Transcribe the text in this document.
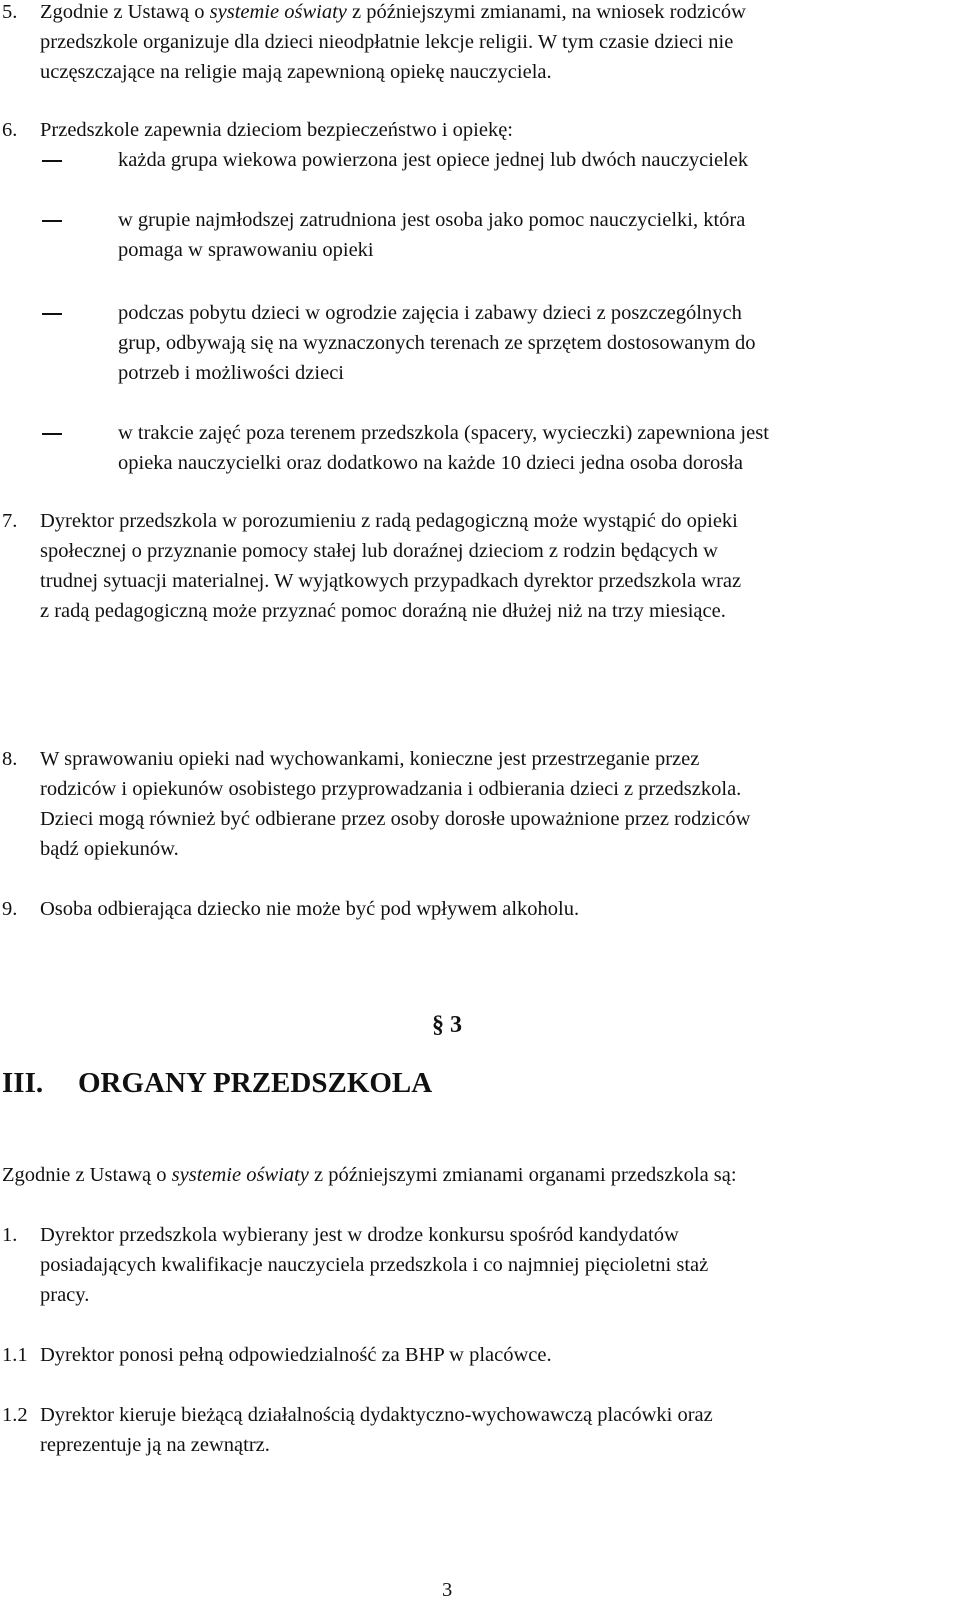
5. Zgodnie z Ustawą o systemie oświaty z późniejszymi zmianami, na wniosek rodziców
przedszkole organizuje dla dzieci nieodpłatnie lekcje religii. W tym czasie dzieci nie
uczęszczające na religie mają zapewnioną opiekę nauczyciela.
6. Przedszkole zapewnia dzieciom bezpieczeństwo i opiekę:
każda grupa wiekowa powierzona jest opiece jednej lub dwóch nauczycielek
w grupie najmłodszej zatrudniona jest osoba jako pomoc nauczycielki, która
pomaga w sprawowaniu opieki
podczas pobytu dzieci w ogrodzie zajęcia i zabawy dzieci z poszczególnych
grup, odbywają się na wyznaczonych terenach ze sprzętem dostosowanym do
potrzeb i możliwości dzieci
w trakcie zajęć poza terenem przedszkola (spacery, wycieczki) zapewniona jest
opieka nauczycielki oraz dodatkowo na każde 10 dzieci jedna osoba dorosła
7. Dyrektor przedszkola w porozumieniu z radą pedagogiczną może wystąpić do opieki
społecznej o przyznanie pomocy stałej lub doraźnej dzieciom z rodzin będących w
trudnej sytuacji materialnej. W wyjątkowych przypadkach dyrektor przedszkola wraz
z radą pedagogiczną może przyznać pomoc doraźną nie dłużej niż na trzy miesiące.
8. W sprawowaniu opieki nad wychowankami, konieczne jest przestrzeganie przez
rodziców i opiekunów osobistego przyprowadzania i odbierania dzieci z przedszkola.
Dzieci mogą również być odbierane przez osoby dorosłe upoważnione przez rodziców
bądź opiekunów.
9. Osoba odbierająca dziecko nie może być pod wpływem alkoholu.
§ 3
III. ORGANY PRZEDSZKOLA
Zgodnie z Ustawą o systemie oświaty z późniejszymi zmianami organami przedszkola są:
1. Dyrektor przedszkola wybierany jest w drodze konkursu spośród kandydatów
posiadających kwalifikacje nauczyciela przedszkola i co najmniej pięcioletni staż
pracy.
1.1 Dyrektor ponosi pełną odpowiedzialność za BHP w placówce.
1.2 Dyrektor kieruje bieżącą działalnością dydaktyczno-wychowawczą placówki oraz
reprezentuje ją na zewnątrz.
3
